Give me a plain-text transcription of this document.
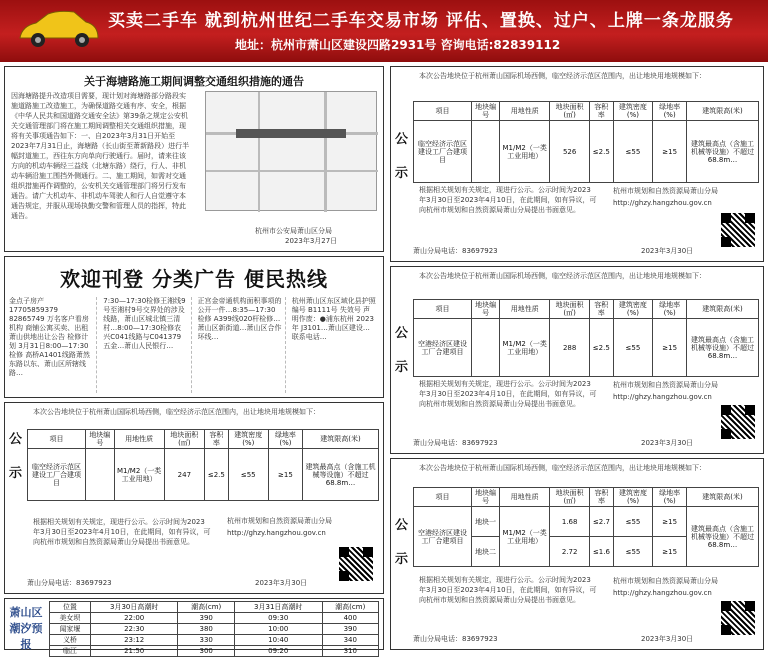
买卖二手车 就到杭州世纪二手车交易市场 评估、置换、过户、上牌一条龙服务
地址：杭州市萧山区建设四路2931号 咨询电话:82839112
关于海塘路施工期间调整交通组织措施的通告
因海塘路提升改造项目需要，现计划对海塘路部分路段实施道路施工改造施工，为确保道路交通有序、安全，根据《中华人民共和国道路交通安全法》第39条之规定公安机关交通管理部门将在施工期间调整相关交通组织措施，现将有关事项通告如下：一、自2023年3月31日开始至2023年7月31日止，海塘路（长山街至萧新路段）进行半幅封道施工，西往东方向单向行驶通行。届时，请来往该方向的机动车辆经三益线（北塘东路）绕行，行人、非机动车辆沿施工围挡外侧通行。二、施工期间，如需对交通组织措施再作调整的，公安机关交通管理部门将另行发布通告。请广大机动车、非机动车驾驶人和行人自觉遵守本通告规定，并服从现场执勤交警和管理人员的指挥，特此通告。
杭州市公安局萧山区分局
2023年3月27日
欢迎刊登 分类广告 便民热线
金点子房产 17705859379 82865749 万名客户看房机构 商铺公寓买卖、出租 萧山供地出让公告 检修计划 3月31日8:00—17:30检修 高桥A1401线路萧然东路以东、萧山区所辖线路…
7:30—17:30检修王湘线9号至湘村9号交界处的涉及线路，萧山区城北镇三清村…8:00—17:30检修农兴C041线路与C041379五金…萧山人民银行…
正宫金帝通机构面积事项的 公开一件…8:35—17:30检修 A399线020杆检修…萧山区新街道…萧山区合作环线…
杭州萧山区东区域化县护照编号 B1111号 失效号 声明作废：●浦东杭州 2023年 J3101…萧山区建设…联系电话…
公示
本次公告地块位于杭州萧山国际机场西侧，临空经济示范区范围内，出让地块用地规模如下：
项目	地块编号	用地性质	地块面积(㎡)	容积率	建筑密度(%)	绿地率(%)	建筑限高(米)
临空经济示范区建设工厂合建项目		M1/M2（一类工业用地）	247	≤2.5	≤55	≥15	建筑最高点（含施工机械等设施）不超过68.8m…
根据相关规划有关规定，现进行公示。公示时间为2023年3月30日至2023年4月10日，在此期间，如有异议，可向杭州市规划和自然资源局萧山分局提出书面意见。
杭州市规划和自然资源局萧山分局
http://ghzy.hangzhou.gov.cn
萧山分局电话：83697923	2023年3月30日
萧山区潮汐预报
位置	3月30日高潮时	潮高(cm)	3月31日高潮时	潮高(cm)
美女坝	22:00	390	09:30	400
闻家堰	22:30	380	10:00	390
义桥	23:12	330	10:40	340
临江	21:50	300	09:20	310
公示
本次公告地块位于杭州萧山国际机场西侧，临空经济示范区范围内，出让地块用地规模如下：
项目	地块编号	用地性质	地块面积(㎡)	容积率	建筑密度(%)	绿地率(%)	建筑限高(米)
临空经济示范区建设工厂合建项目		M1/M2（一类工业用地）	526	≤2.5	≤55	≥15	建筑最高点（含施工机械等设施）不超过68.8m…
根据相关规划有关规定，现进行公示。公示时间为2023年3月30日至2023年4月10日，在此期间，如有异议，可向杭州市规划和自然资源局萧山分局提出书面意见。
杭州市规划和自然资源局萧山分局
http://ghzy.hangzhou.gov.cn
萧山分局电话：83697923	2023年3月30日
公示
本次公告地块位于杭州萧山国际机场西侧，临空经济示范区范围内，出让地块用地规模如下：
项目	地块编号	用地性质	地块面积(㎡)	容积率	建筑密度(%)	绿地率(%)	建筑限高(米)
空港经济区建设工厂合建项目		M1/M2（一类工业用地）	288	≤2.5	≤55	≥15	建筑最高点（含施工机械等设施）不超过68.8m…
根据相关规划有关规定，现进行公示。公示时间为2023年3月30日至2023年4月10日，在此期间，如有异议，可向杭州市规划和自然资源局萧山分局提出书面意见。
杭州市规划和自然资源局萧山分局
http://ghzy.hangzhou.gov.cn
萧山分局电话：83697923	2023年3月30日
公示
本次公告地块位于杭州萧山国际机场西侧，临空经济示范区范围内，出让地块用地规模如下：
项目	地块编号	用地性质	地块面积(㎡)	容积率	建筑密度(%)	绿地率(%)	建筑限高(米)
空港经济区建设工厂合建项目	地块一	M1/M2（一类工业用地）	1.68	≤2.7	≤55	≥15	建筑最高点（含施工机械等设施）不超过68.8m…
	地块二		2.72	≤1.6	≤55	≥15	
根据相关规划有关规定，现进行公示。公示时间为2023年3月30日至2023年4月10日，在此期间，如有异议，可向杭州市规划和自然资源局萧山分局提出书面意见。
杭州市规划和自然资源局萧山分局
http://ghzy.hangzhou.gov.cn
萧山分局电话：83697923	2023年3月30日
